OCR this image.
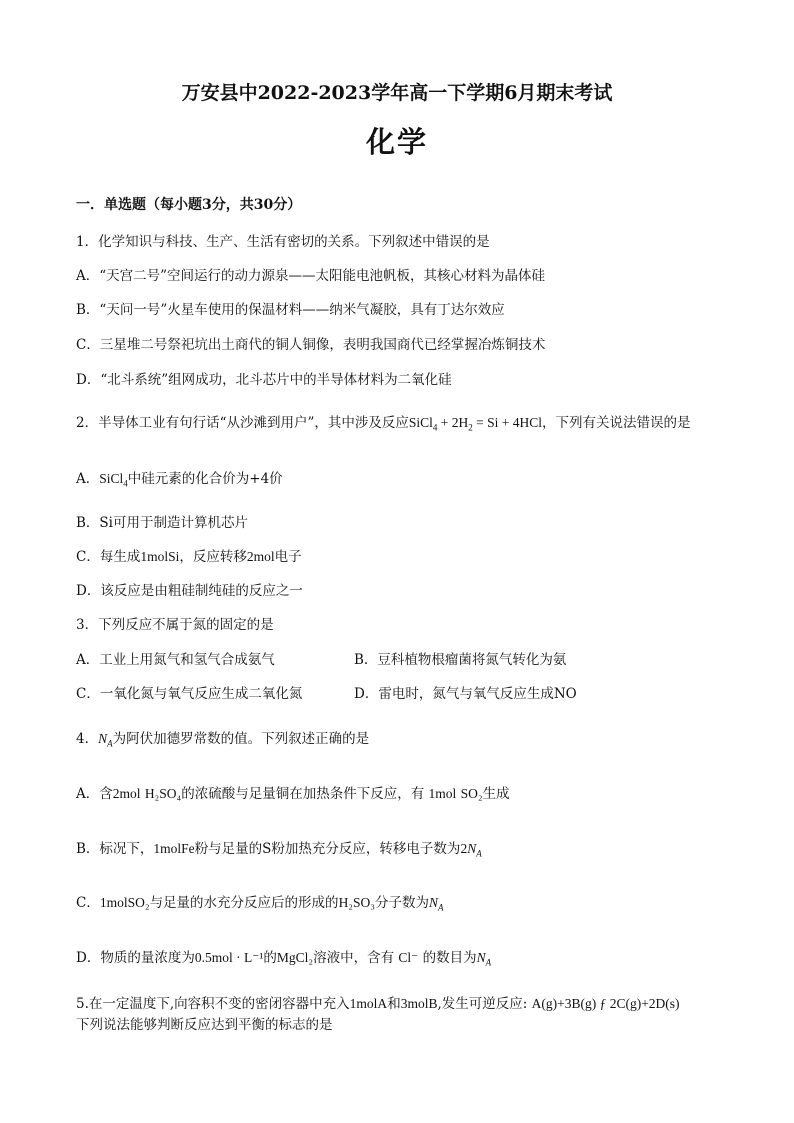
万安县中2022-2023学年高一下学期6月期末考试
化学
一．单选题（每小题3分，共30分）
1．化学知识与科技、生产、生活有密切的关系。下列叙述中错误的是
A．“天宫二号”空间运行的动力源泉——太阳能电池帆板，其核心材料为晶体硅
B．“天问一号”火星车使用的保温材料——纳米气凝胶，具有丁达尔效应
C．三星堆二号祭祀坑出土商代的铜人铜像，表明我国商代已经掌握冶炼铜技术
D．“北斗系统”组网成功，北斗芯片中的半导体材料为二氧化硅
2．半导体工业有句行话“从沙滩到用户”，其中涉及反应SiCl$_4$ + $2H_2 = Si + 4HCl$，下列有关说法错误的是
A．SiCl$_4$中硅元素的化合价为+4价
B．Si可用于制造计算机芯片
C．每生成1molSi，反应转移2mol电子
D．该反应是由粗硅制纯硅的反应之一
3．下列反应不属于氮的固定的是
A．工业上用氮气和氢气合成氨气	B．豆科植物根瘤菌将氮气转化为氨
C．一氧化氮与氧气反应生成二氧化氮	D．雷电时，氮气与氧气反应生成NO
4．$N_A$为阿伏加德罗常数的值。下列叙述正确的是
A．含2mol H₂SO₄的浓硫酸与足量铜在加热条件下反应，有 1mol SO₂生成
B．标况下，1molFe粉与足量的S粉加热充分反应，转移电子数为$2N_A$
C．1molSO₂与足量的水充分反应后的形成的H₂SO₃分子数为$N_A$
D．物质的量浓度为0.5mol · L⁻¹的MgCl₂溶液中，含有 Cl⁻ 的数目为$N_A$
5.在一定温度下,向容积不变的密闭容器中充入1molA和3molB,发生可逆反应: A(g)+3B(g) ƒ 2C(g)+2D(s)
下列说法能够判断反应达到平衡的标志的是
